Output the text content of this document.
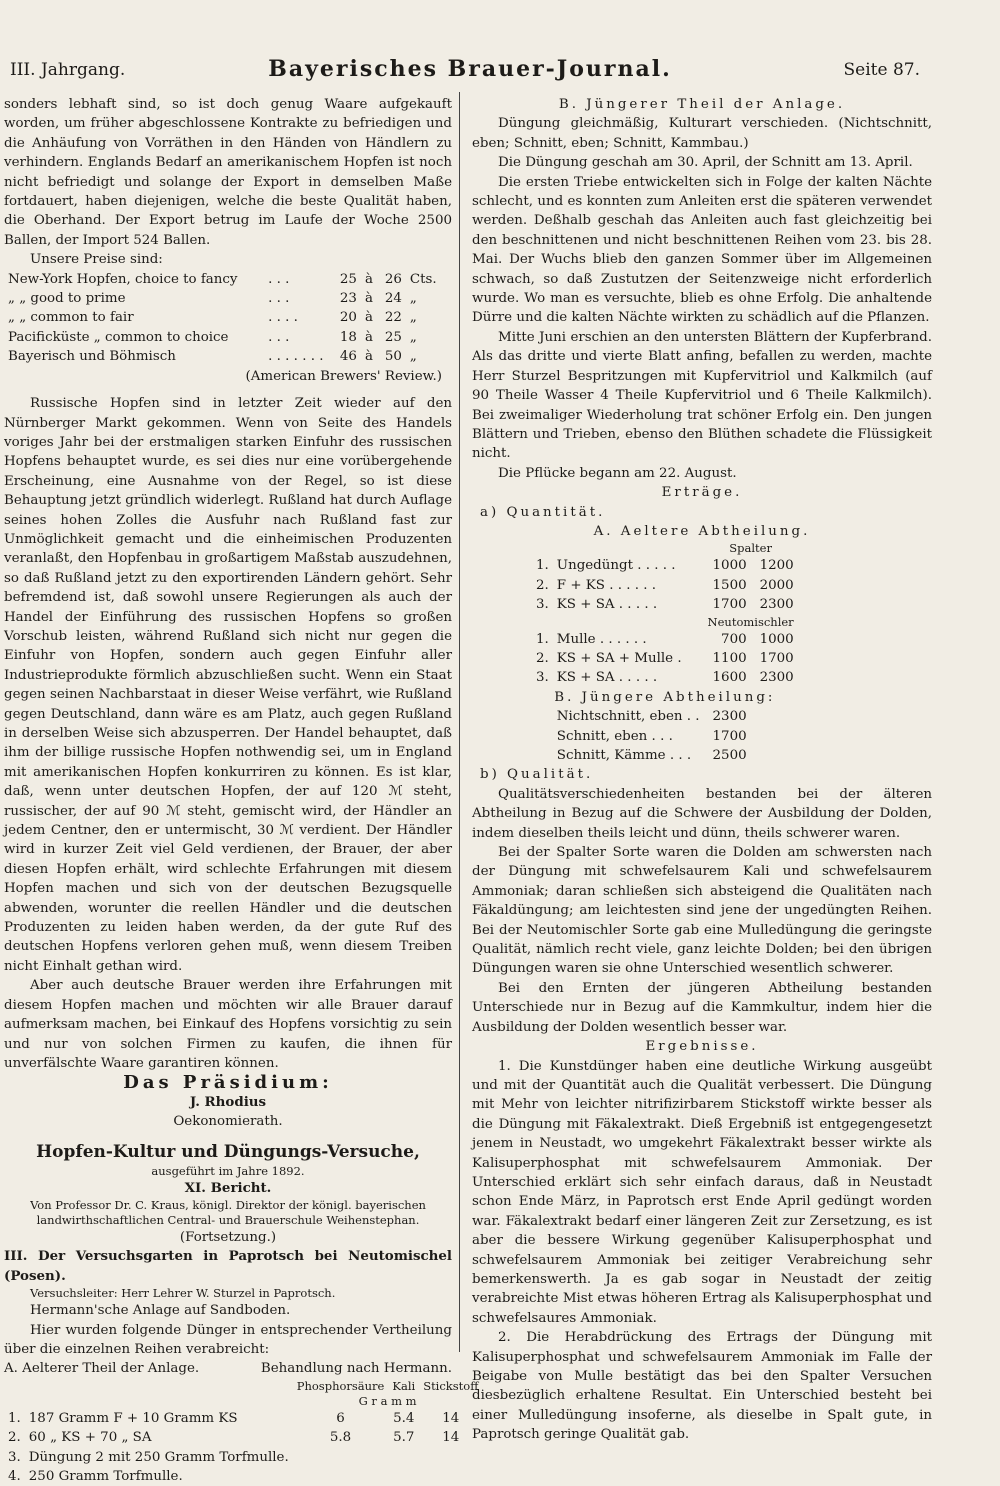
III. Jahrgang.	Bayerisches Brauer-Journal.	Seite 87.

sonders lebhaft sind, so ist doch genug Waare aufgekauft worden, um früher abgeschlossene Kontrakte zu befriedigen und die Anhäufung von Vorräthen in den Händen von Händlern zu verhindern. Englands Bedarf an amerikanischem Hopfen ist noch nicht befriedigt und solange der Export in demselben Maße fortdauert, haben diejenigen, welche die beste Qualität haben, die Oberhand. Der Export betrug im Laufe der Woche 2500 Ballen, der Import 524 Ballen.

Unsere Preise sind:

New-York Hopfen, choice to fancy	. . .	25	à	26	Cts.
„ „ good to prime	. . .	23	à	24	„
„ „ common to fair	. . . .	20	à	22	„
Pacificküste „ common to choice	. . .	18	à	25	„
Bayerisch und Böhmisch	. . . . . . .	46	à	50	„

(American Brewers' Review.)

Russische Hopfen sind in letzter Zeit wieder auf den Nürnberger Markt gekommen. Wenn von Seite des Handels voriges Jahr bei der erstmaligen starken Einfuhr des russischen Hopfens behauptet wurde, es sei dies nur eine vorübergehende Erscheinung, eine Ausnahme von der Regel, so ist diese Behauptung jetzt gründlich widerlegt. Rußland hat durch Auflage seines hohen Zolles die Ausfuhr nach Rußland fast zur Unmöglichkeit gemacht und die einheimischen Produzenten veranlaßt, den Hopfenbau in großartigem Maßstab auszudehnen, so daß Rußland jetzt zu den exportirenden Ländern gehört. Sehr befremdend ist, daß sowohl unsere Regierungen als auch der Handel der Einführung des russischen Hopfens so großen Vorschub leisten, während Rußland sich nicht nur gegen die Einfuhr von Hopfen, sondern auch gegen Einfuhr aller Industrieprodukte förmlich abzuschließen sucht. Wenn ein Staat gegen seinen Nachbarstaat in dieser Weise verfährt, wie Rußland gegen Deutschland, dann wäre es am Platz, auch gegen Rußland in derselben Weise sich abzusperren. Der Handel behauptet, daß ihm der billige russische Hopfen nothwendig sei, um in England mit amerikanischen Hopfen konkurriren zu können. Es ist klar, daß, wenn unter deutschen Hopfen, der auf 120 ℳ steht, russischer, der auf 90 ℳ steht, gemischt wird, der Händler an jedem Centner, den er untermischt, 30 ℳ verdient. Der Händler wird in kurzer Zeit viel Geld verdienen, der Brauer, der aber diesen Hopfen erhält, wird schlechte Erfahrungen mit diesem Hopfen machen und sich von der deutschen Bezugsquelle abwenden, worunter die reellen Händler und die deutschen Produzenten zu leiden haben werden, da der gute Ruf des deutschen Hopfens verloren gehen muß, wenn diesem Treiben nicht Einhalt gethan wird.

Aber auch deutsche Brauer werden ihre Erfahrungen mit diesem Hopfen machen und möchten wir alle Brauer darauf aufmerksam machen, bei Einkauf des Hopfens vorsichtig zu sein und nur von solchen Firmen zu kaufen, die ihnen für unverfälschte Waare garantiren können.

Das Präsidium:

J. Rhodius

Oekonomierath.

Hopfen-Kultur und Düngungs-Versuche,

ausgeführt im Jahre 1892.

XI. Bericht.

Von Professor Dr. C. Kraus, königl. Direktor der königl. bayerischen landwirthschaftlichen Central- und Brauerschule Weihenstephan.

(Fortsetzung.)

III. Der Versuchsgarten in Paprotsch bei Neutomischel (Posen).

Versuchsleiter: Herr Lehrer W. Sturzel in Paprotsch.

Hermann'sche Anlage auf Sandboden.

Hier wurden folgende Dünger in entsprechender Vertheilung über die einzelnen Reihen verabreicht:

A. Aelterer Theil der Anlage.	Behandlung nach Hermann.

		Phosphorsäure	Kali	Stickstoff
		G r a m m		
1.	187 Gramm F + 10 Gramm KS	6	5.4	14
2.	60 „ KS + 70 „ SA	5.8	5.7	14
3.	Düngung 2 mit 250 Gramm Torfmulle.			
4.	250 Gramm Torfmulle.			

B. Jüngerer Theil der Anlage.

Düngung gleichmäßig, Kulturart verschieden. (Nichtschnitt, eben; Schnitt, eben; Schnitt, Kammbau.)

Die Düngung geschah am 30. April, der Schnitt am 13. April.

Die ersten Triebe entwickelten sich in Folge der kalten Nächte schlecht, und es konnten zum Anleiten erst die späteren verwendet werden. Deßhalb geschah das Anleiten auch fast gleichzeitig bei den beschnittenen und nicht beschnittenen Reihen vom 23. bis 28. Mai. Der Wuchs blieb den ganzen Sommer über im Allgemeinen schwach, so daß Zustutzen der Seitenzweige nicht erforderlich wurde. Wo man es versuchte, blieb es ohne Erfolg. Die anhaltende Dürre und die kalten Nächte wirkten zu schädlich auf die Pflanzen.

Mitte Juni erschien an den untersten Blättern der Kupferbrand. Als das dritte und vierte Blatt anfing, befallen zu werden, machte Herr Sturzel Bespritzungen mit Kupfervitriol und Kalkmilch (auf 90 Theile Wasser 4 Theile Kupfervitriol und 6 Theile Kalkmilch). Bei zweimaliger Wiederholung trat schöner Erfolg ein. Den jungen Blättern und Trieben, ebenso den Blüthen schadete die Flüssigkeit nicht.

Die Pflücke begann am 22. August.

Erträge.

a) Quantität.

A. Aeltere Abtheilung.

		Spalter	
1.	Ungedüngt . . . . .	1000	1200
2.	F + KS . . . . . .	1500	2000
3.	KS + SA . . . . .	1700	2300
		Neutomischler	
1.	Mulle . . . . . .	700	1000
2.	KS + SA + Mulle .	1100	1700
3.	KS + SA . . . . .	1600	2300
B. Jüngere Abtheilung:			
	Nichtschnitt, eben . .	2300	
	Schnitt, eben . . .	1700	
	Schnitt, Kämme . . .	2500	

b) Qualität.

Qualitätsverschiedenheiten bestanden bei der älteren Abtheilung in Bezug auf die Schwere der Ausbildung der Dolden, indem dieselben theils leicht und dünn, theils schwerer waren.

Bei der Spalter Sorte waren die Dolden am schwersten nach der Düngung mit schwefelsaurem Kali und schwefelsaurem Ammoniak; daran schließen sich absteigend die Qualitäten nach Fäkaldüngung; am leichtesten sind jene der ungedüngten Reihen. Bei der Neutomischler Sorte gab eine Mulledüngung die geringste Qualität, nämlich recht viele, ganz leichte Dolden; bei den übrigen Düngungen waren sie ohne Unterschied wesentlich schwerer.

Bei den Ernten der jüngeren Abtheilung bestanden Unterschiede nur in Bezug auf die Kammkultur, indem hier die Ausbildung der Dolden wesentlich besser war.

Ergebnisse.

1. Die Kunstdünger haben eine deutliche Wirkung ausgeübt und mit der Quantität auch die Qualität verbessert. Die Düngung mit Mehr von leichter nitrifizirbarem Stickstoff wirkte besser als die Düngung mit Fäkalextrakt. Dieß Ergebniß ist entgegengesetzt jenem in Neustadt, wo umgekehrt Fäkalextrakt besser wirkte als Kalisuperphosphat mit schwefelsaurem Ammoniak. Der Unterschied erklärt sich sehr einfach daraus, daß in Neustadt schon Ende März, in Paprotsch erst Ende April gedüngt worden war. Fäkalextrakt bedarf einer längeren Zeit zur Zersetzung, es ist aber die bessere Wirkung gegenüber Kalisuperphosphat und schwefelsaurem Ammoniak bei zeitiger Verabreichung sehr bemerkenswerth. Ja es gab sogar in Neustadt der zeitig verabreichte Mist etwas höheren Ertrag als Kalisuperphosphat und schwefelsaures Ammoniak.

2. Die Herabdrückung des Ertrags der Düngung mit Kalisuperphosphat und schwefelsaurem Ammoniak im Falle der Beigabe von Mulle bestätigt das bei den Spalter Versuchen diesbezüglich erhaltene Resultat. Ein Unterschied besteht bei einer Mulledüngung insoferne, als dieselbe in Spalt gute, in Paprotsch geringe Qualität gab.
